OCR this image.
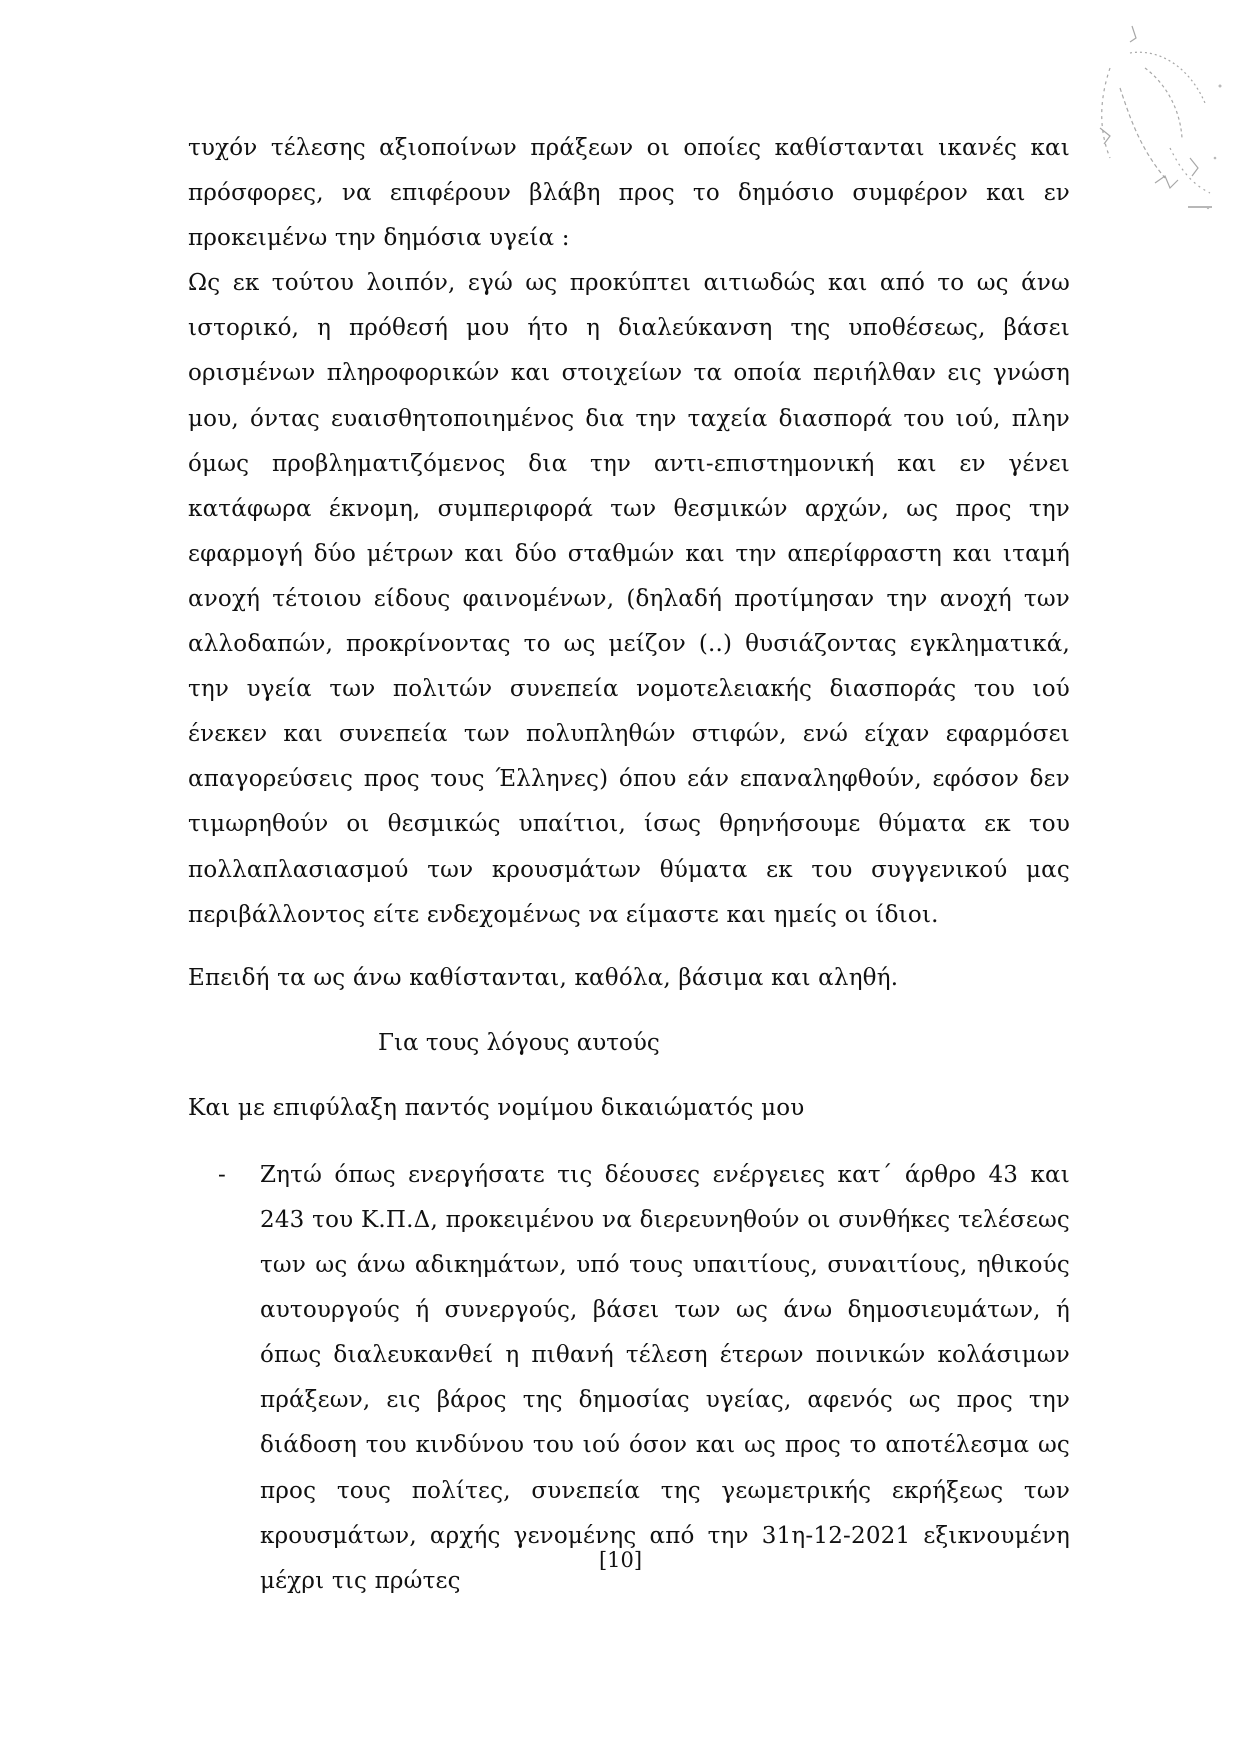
τυχόν τέλεσης αξιοποίνων πράξεων οι οποίες καθίστανται ικανές και πρόσφορες, να επιφέρουν βλάβη προς το δημόσιο συμφέρον και εν προκειμένω την δημόσια υγεία :

Ως εκ τούτου λοιπόν, εγώ ως προκύπτει αιτιωδώς και από το ως άνω ιστορικό, η πρόθεσή μου ήτο η διαλεύκανση της υποθέσεως, βάσει ορισμένων πληροφορικών και στοιχείων τα οποία περιήλθαν εις γνώση μου, όντας ευαισθητοποιημένος δια την ταχεία διασπορά του ιού, πλην όμως προβληματιζόμενος δια την αντι-επιστημονική και εν γένει κατάφωρα έκνομη, συμπεριφορά των θεσμικών αρχών, ως προς την εφαρμογή δύο μέτρων και δύο σταθμών και την απερίφραστη και ιταμή ανοχή τέτοιου είδους φαινομένων, (δηλαδή προτίμησαν την ανοχή των αλλοδαπών, προκρίνοντας το ως μείζον (..) θυσιάζοντας εγκληματικά, την υγεία των πολιτών συνεπεία νομοτελειακής διασποράς του ιού ένεκεν και συνεπεία των πολυπληθών στιφών, ενώ είχαν εφαρμόσει απαγορεύσεις προς τους Έλληνες) όπου εάν επαναληφθούν, εφόσον δεν τιμωρηθούν οι θεσμικώς υπαίτιοι, ίσως θρηνήσουμε θύματα εκ του πολλαπλασιασμού των κρουσμάτων θύματα εκ του συγγενικού μας περιβάλλοντος είτε ενδεχομένως να είμαστε και ημείς οι ίδιοι.

Επειδή τα ως άνω καθίστανται, καθόλα, βάσιμα και αληθή.

Για τους λόγους αυτούς

Και με επιφύλαξη παντός νομίμου δικαιώματός μου

- Ζητώ όπως ενεργήσατε τις δέουσες ενέργειες κατ΄ άρθρο 43 και 243 του Κ.Π.Δ, προκειμένου να διερευνηθούν οι συνθήκες τελέσεως των ως άνω αδικημάτων, υπό τους υπαιτίους, συναιτίους, ηθικούς αυτουργούς ή συνεργούς, βάσει των ως άνω δημοσιευμάτων, ή όπως διαλευκανθεί η πιθανή τέλεση έτερων ποινικών κολάσιμων πράξεων, εις βάρος της δημοσίας υγείας, αφενός ως προς την διάδοση του κινδύνου του ιού όσον και ως προς το αποτέλεσμα ως προς τους πολίτες, συνεπεία της γεωμετρικής εκρήξεως των κρουσμάτων, αρχής γενομένης από την 31η-12-2021 εξικνουμένη μέχρι τις πρώτες

[10]
